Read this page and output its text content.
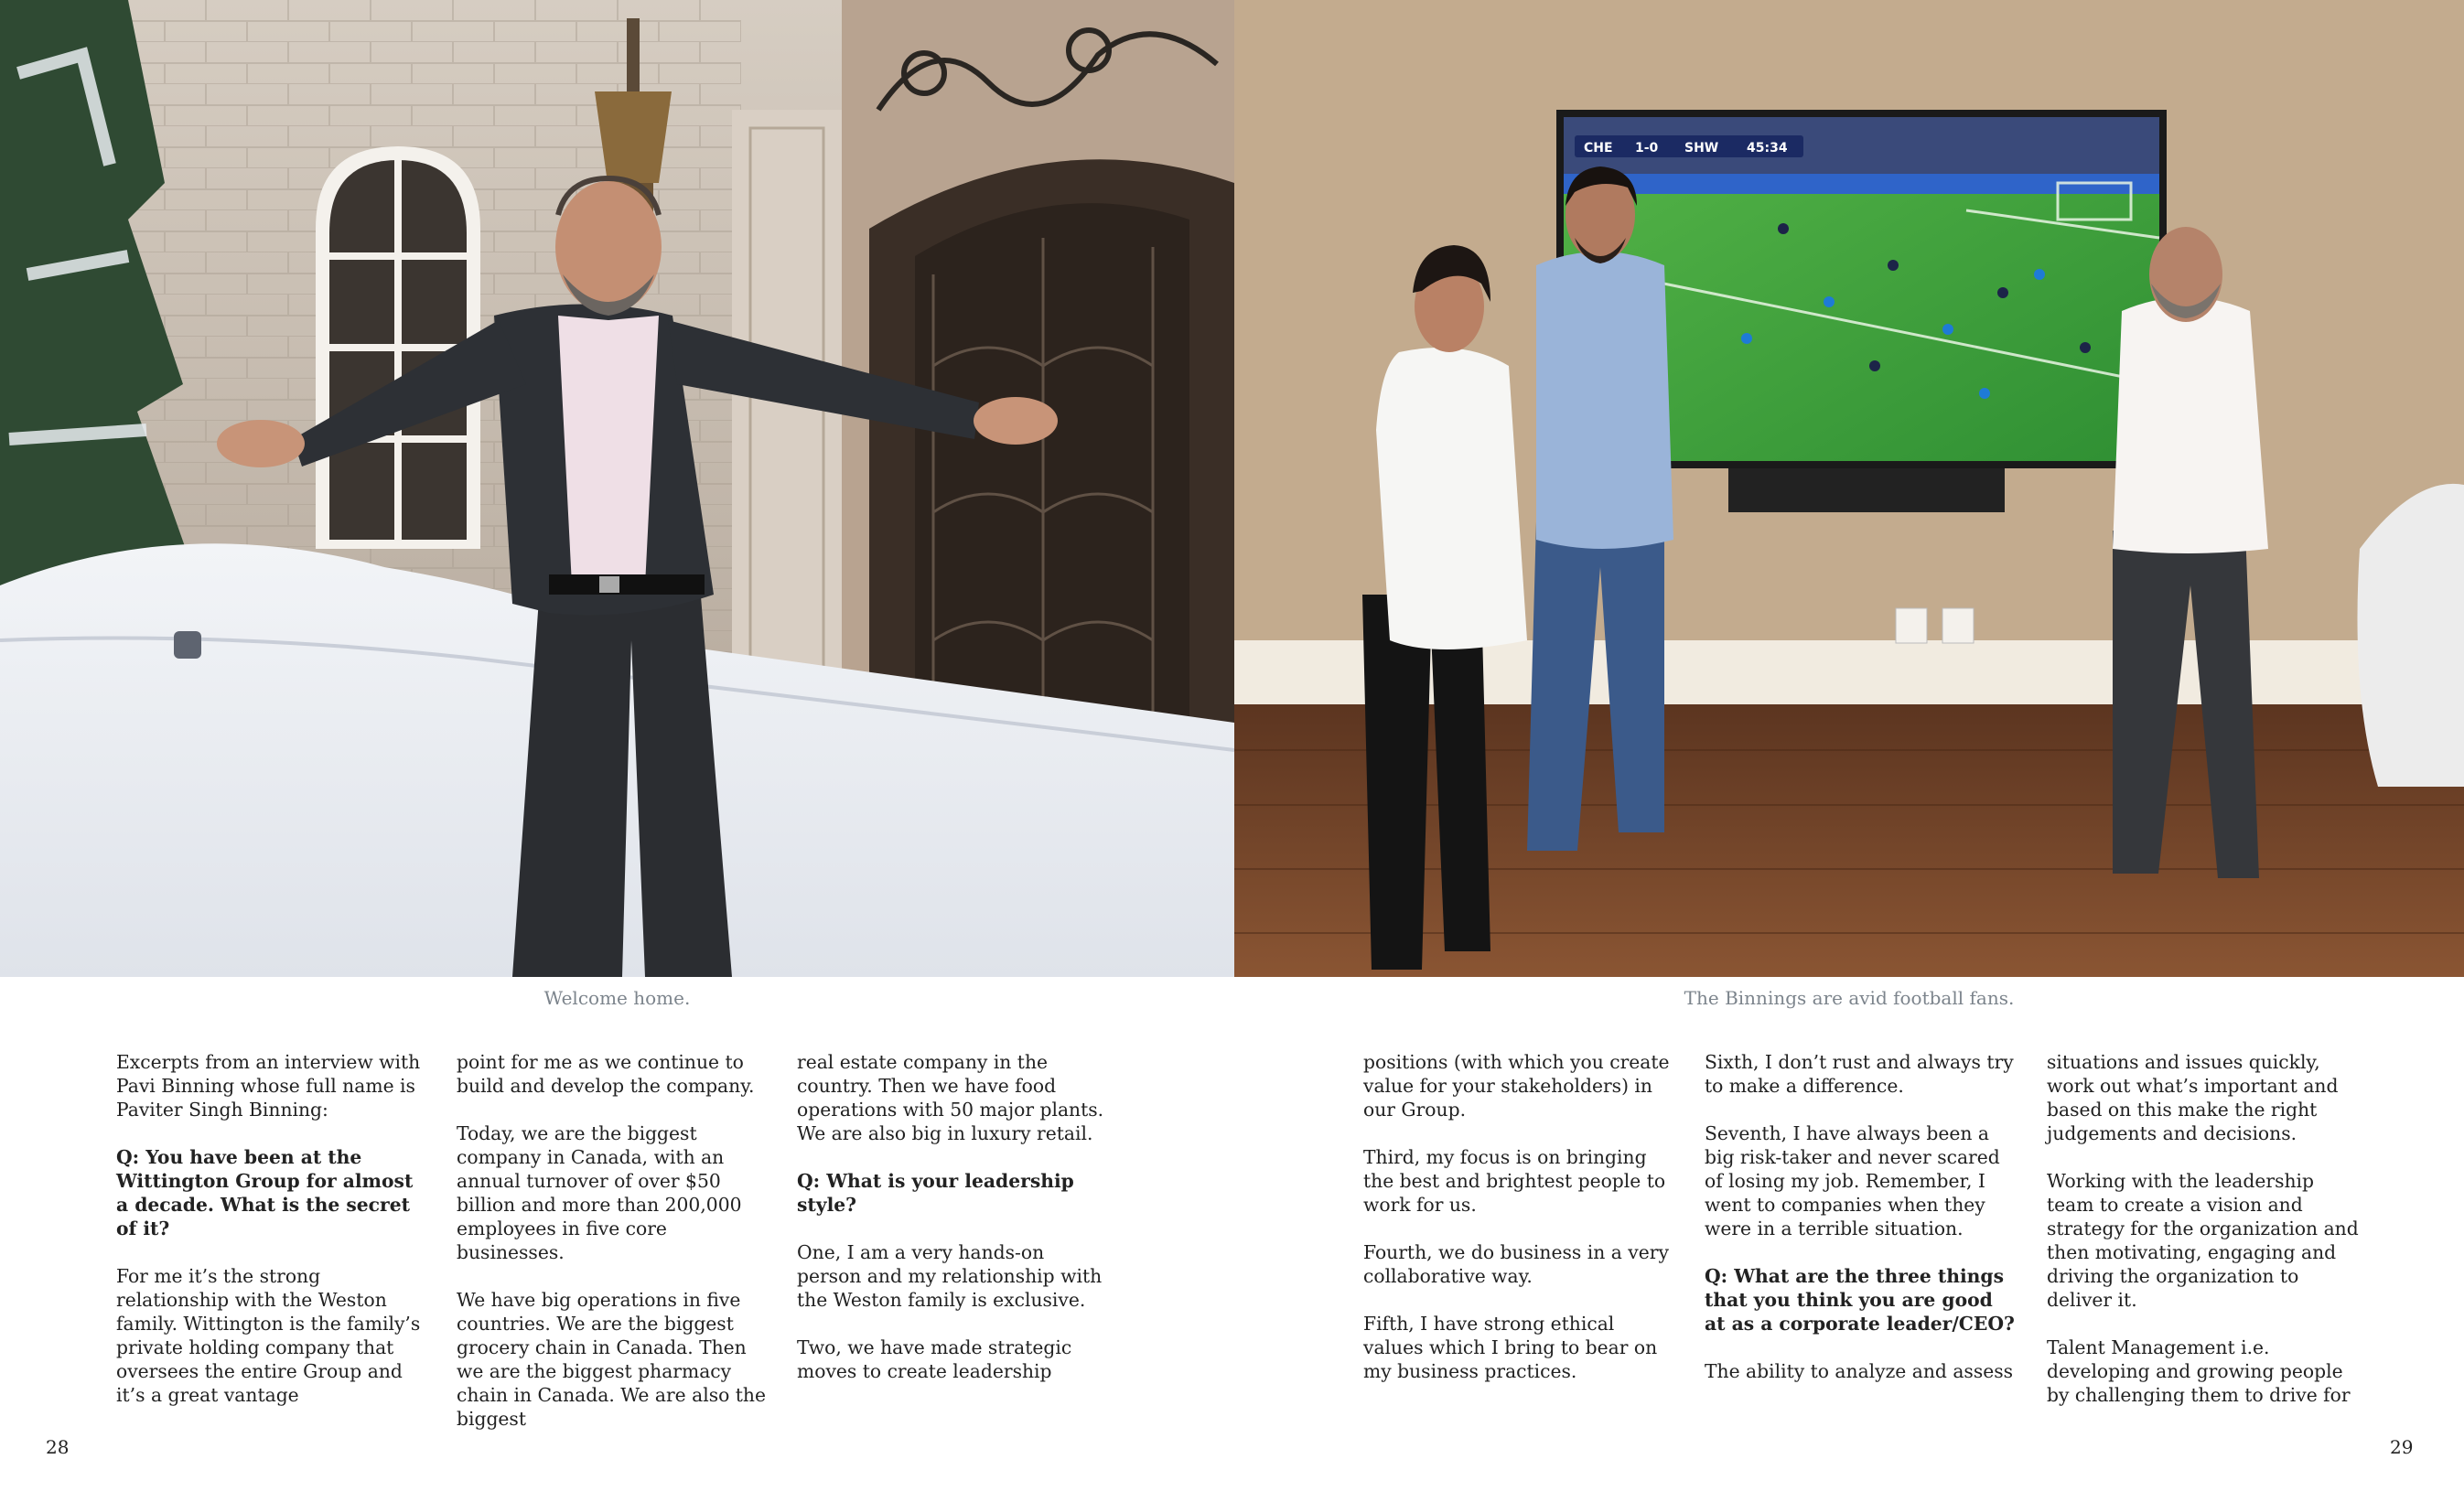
CHE 1-0 SHW 45:34
Welcome home.	The Binnings are avid football fans.

Excerpts from an interview with Pavi Binning whose full name is Paviter Singh Binning:

Q: You have been at the Wittington Group for almost a decade. What is the secret of it?

For me it’s the strong relationship with the Weston family. Wittington is the family’s private holding company that oversees the entire Group and it’s a great vantage

point for me as we continue to build and develop the company.

Today, we are the biggest company in Canada, with an annual turnover of over $50 billion and more than 200,000 employees in five core businesses.

We have big operations in five countries. We are the biggest grocery chain in Canada. Then we are the biggest pharmacy chain in Canada. We are also the biggest

real estate company in the country. Then we have food operations with 50 major plants. We are also big in luxury retail.

Q: What is your leadership style?

One, I am a very hands-on person and my relationship with the Weston family is exclusive.

Two, we have made strategic moves to create leadership

positions (with which you create value for your stakeholders) in our Group.

Third, my focus is on bringing the best and brightest people to work for us.

Fourth, we do business in a very collaborative way.

Fifth, I have strong ethical values which I bring to bear on my business practices.

Sixth, I don’t rust and always try to make a difference.

Seventh, I have always been a big risk-taker and never scared of losing my job. Remember, I went to companies when they were in a terrible situation.

Q: What are the three things that you think you are good at as a corporate leader/CEO?

The ability to analyze and assess

situations and issues quickly, work out what’s important and based on this make the right judgements and decisions.

Working with the leadership team to create a vision and strategy for the organization and then motivating, engaging and driving the organization to deliver it.

Talent Management i.e. developing and growing people by challenging them to drive for

28	29
